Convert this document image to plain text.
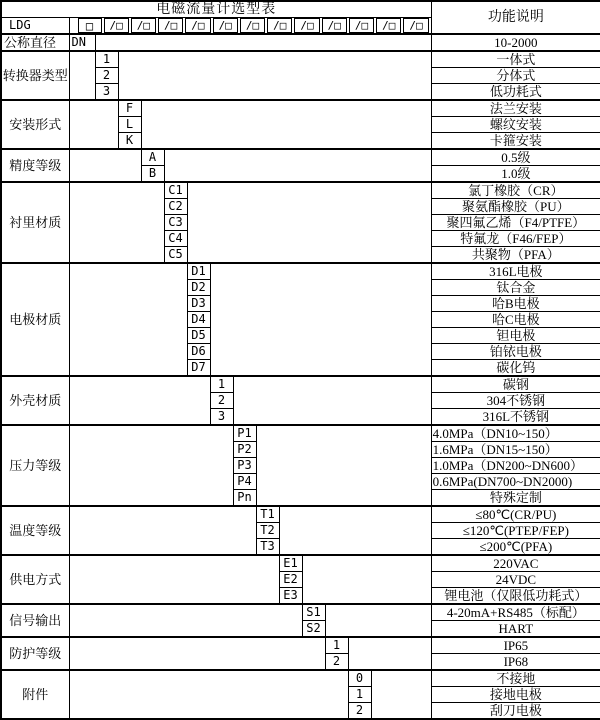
电磁流量计选型表															功能说明
LDG	□	/□	/□	/□	/□	/□	/□	/□	/□	/□	/□	/□	/□

公称直径	DN														10-2000
转换器类型		1													一体式
		2													分体式
		3													低功耗式
安装形式			F												法兰安装
			L												螺纹安装
			K												卡箍安装
精度等级				A											0.5级
				B											1.0级
衬里材质					C1										氯丁橡胶（CR）
					C2										聚氨酯橡胶（PU）
					C3										聚四氟乙烯（F4/PTFE）
					C4										特氟龙（F46/FEP）
					C5										共聚物（PFA）
电极材质						D1									316L电极
						D2									钛合金
						D3									哈B电极
						D4									哈C电极
						D5									钽电极
						D6									铂铱电极
						D7									碳化钨
外壳材质							1								碳钢
							2								304不锈钢
							3								316L不锈钢
压力等级								P1							4.0MPa（DN10~150）
								P2							1.6MPa（DN15~150）
								P3							1.0MPa（DN200~DN600）
								P4							0.6MPa(DN700~DN2000)
								Pn							特殊定制
温度等级									T1						≤80℃(CR/PU)
									T2						≤120℃(PTEP/FEP)
									T3						≤200℃(PFA)
供电方式										E1					220VAC
										E2					24VDC
										E3					锂电池（仅限低功耗式）
信号输出											S1				4-20mA+RS485（标配）
											S2				HART
防护等级												1			IP65
												2			IP68
附件													0		不接地
													1		接地电极
													2		刮刀电极
